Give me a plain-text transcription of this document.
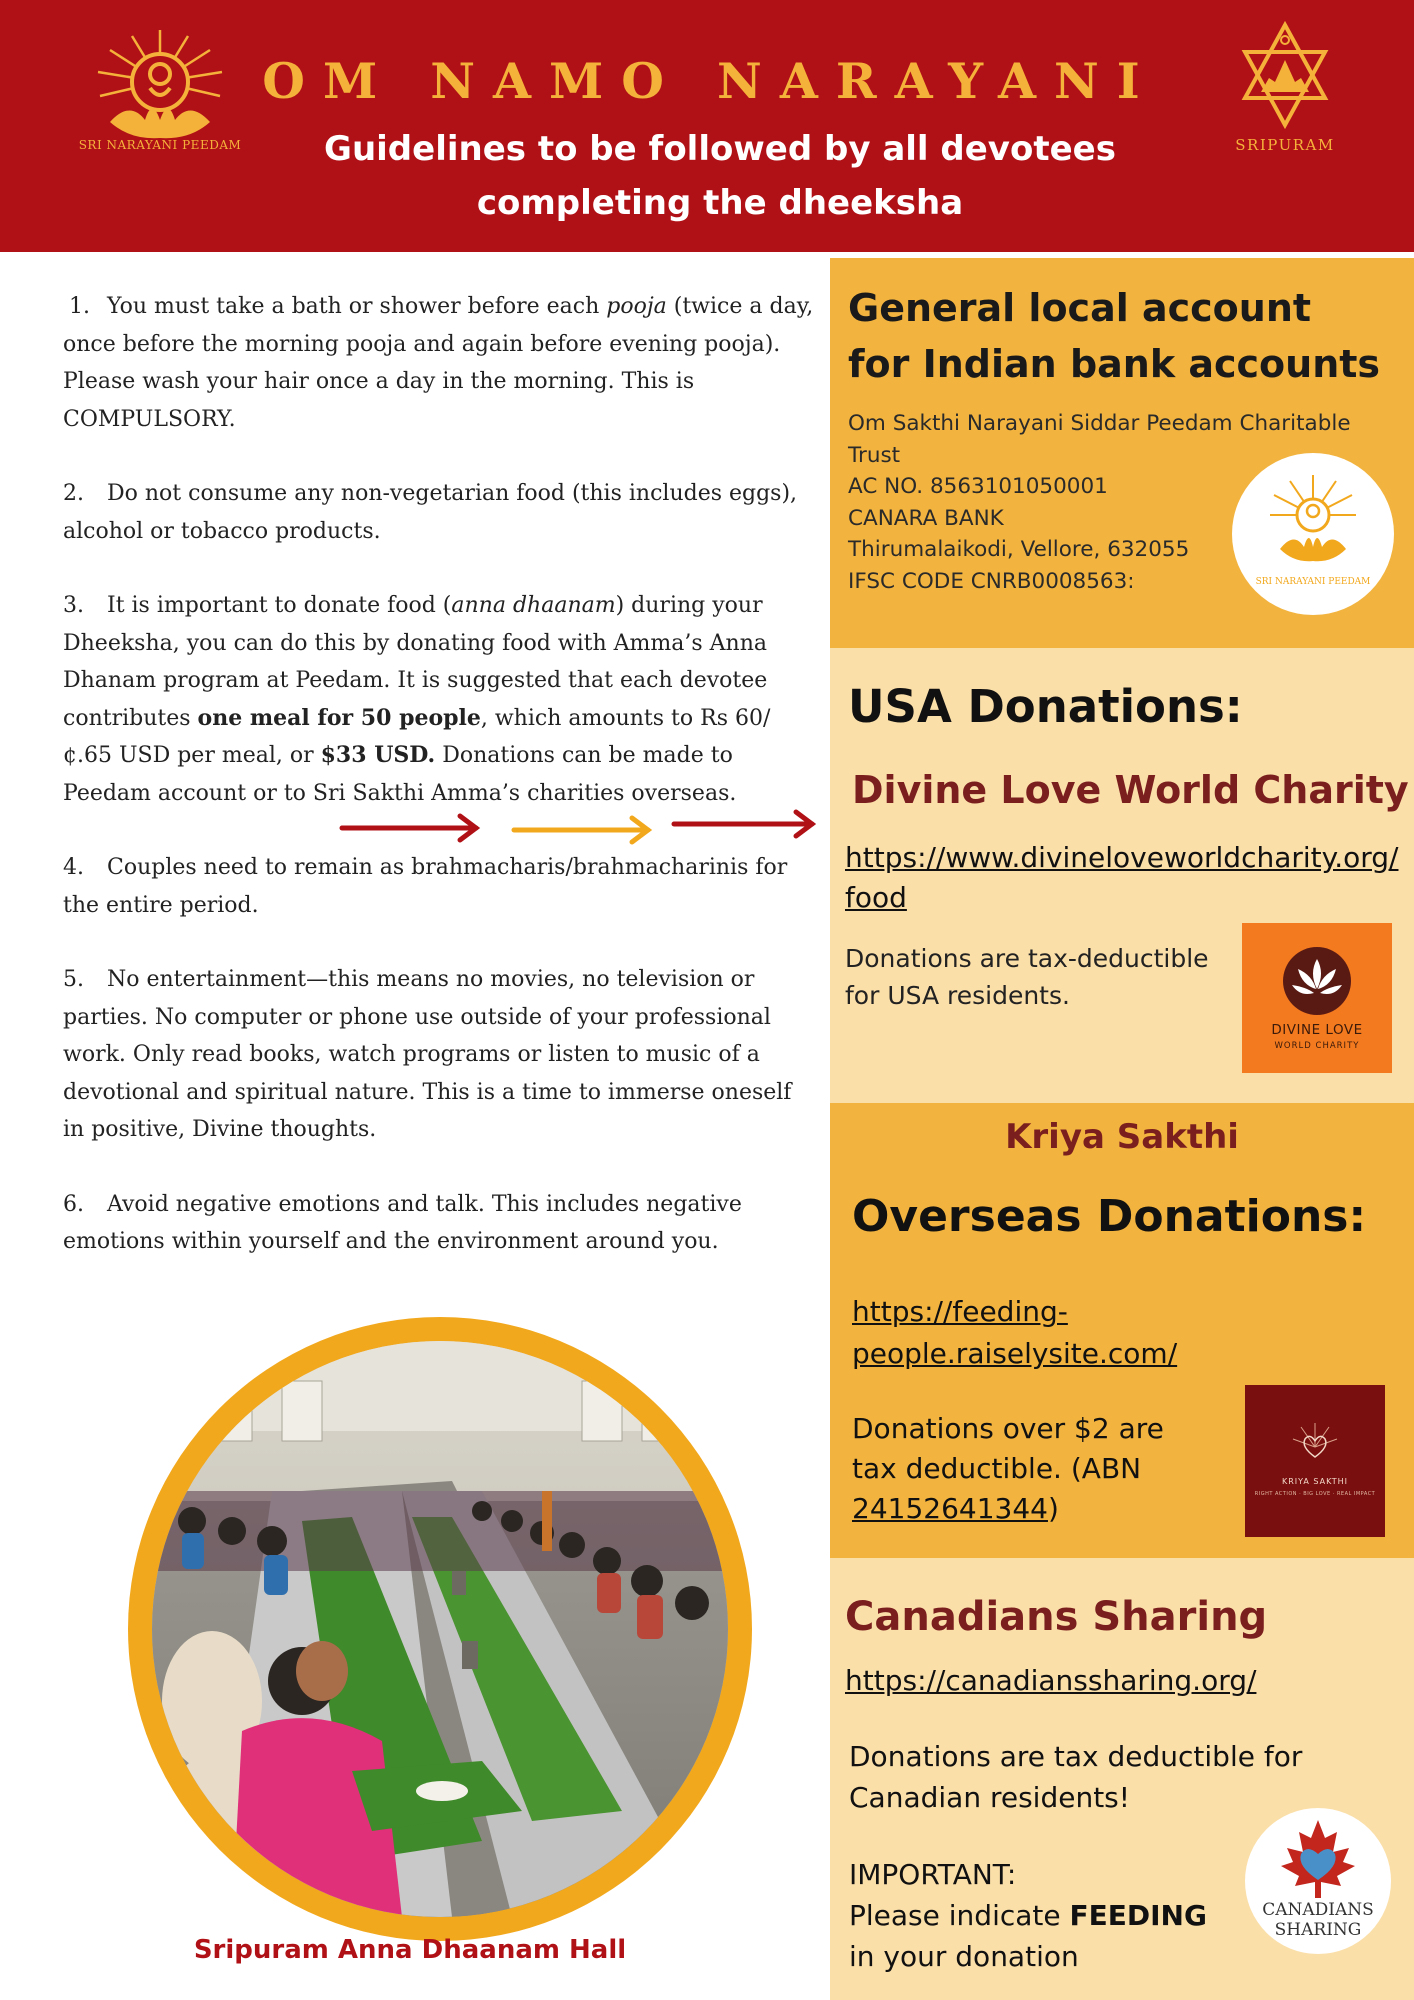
SRI NARAYANI PEEDAM
OM NAMO NARAYANI
Guidelines to be followed by all devotees
completing the dheeksha
SRIPURAM
1. You must take a bath or shower before each pooja (twice a day, once before the morning pooja and again before evening pooja). Please wash your hair once a day in the morning. This is COMPULSORY.
2. Do not consume any non-vegetarian food (this includes eggs), alcohol or tobacco products.
3. It is important to donate food (anna dhaanam) during your Dheeksha, you can do this by donating food with Amma’s Anna Dhanam program at Peedam. It is suggested that each devotee contributes one meal for 50 people, which amounts to Rs 60/¢.65 USD per meal, or $33 USD. Donations can be made to Peedam account or to Sri Sakthi Amma’s charities overseas.
4. Couples need to remain as brahmacharis/brahmacharinis for the entire period.
5. No entertainment—this means no movies, no television or parties. No computer or phone use outside of your professional work. Only read books, watch programs or listen to music of a devotional and spiritual nature. This is a time to immerse oneself in positive, Divine thoughts.
6. Avoid negative emotions and talk. This includes negative emotions within yourself and the environment around you.
Sripuram Anna Dhaanam Hall
General local account
for Indian bank accounts
Om Sakthi Narayani Siddar Peedam Charitable
Trust
AC NO. 8563101050001
CANARA BANK
Thirumalaikodi, Vellore, 632055
IFSC CODE CNRB0008563:	SRI NARAYANI PEEDAM
USA Donations:
Divine Love World Charity
https://www.divineloveworldcharity.org/food
Donations are tax-deductible for USA residents.
DIVINE LOVE
WORLD CHARITY
Kriya Sakthi
Overseas Donations:
https://feeding-people.raiselysite.com/
Donations over $2 are tax deductible. (ABN 24152641344)
KRIYA SAKTHI
RIGHT ACTION · BIG LOVE · REAL IMPACT
Canadians Sharing
https://canadianssharing.org/
Donations are tax deductible for Canadian residents!
IMPORTANT:
Please indicate FEEDING in your donation
CANADIANS
SHARING
